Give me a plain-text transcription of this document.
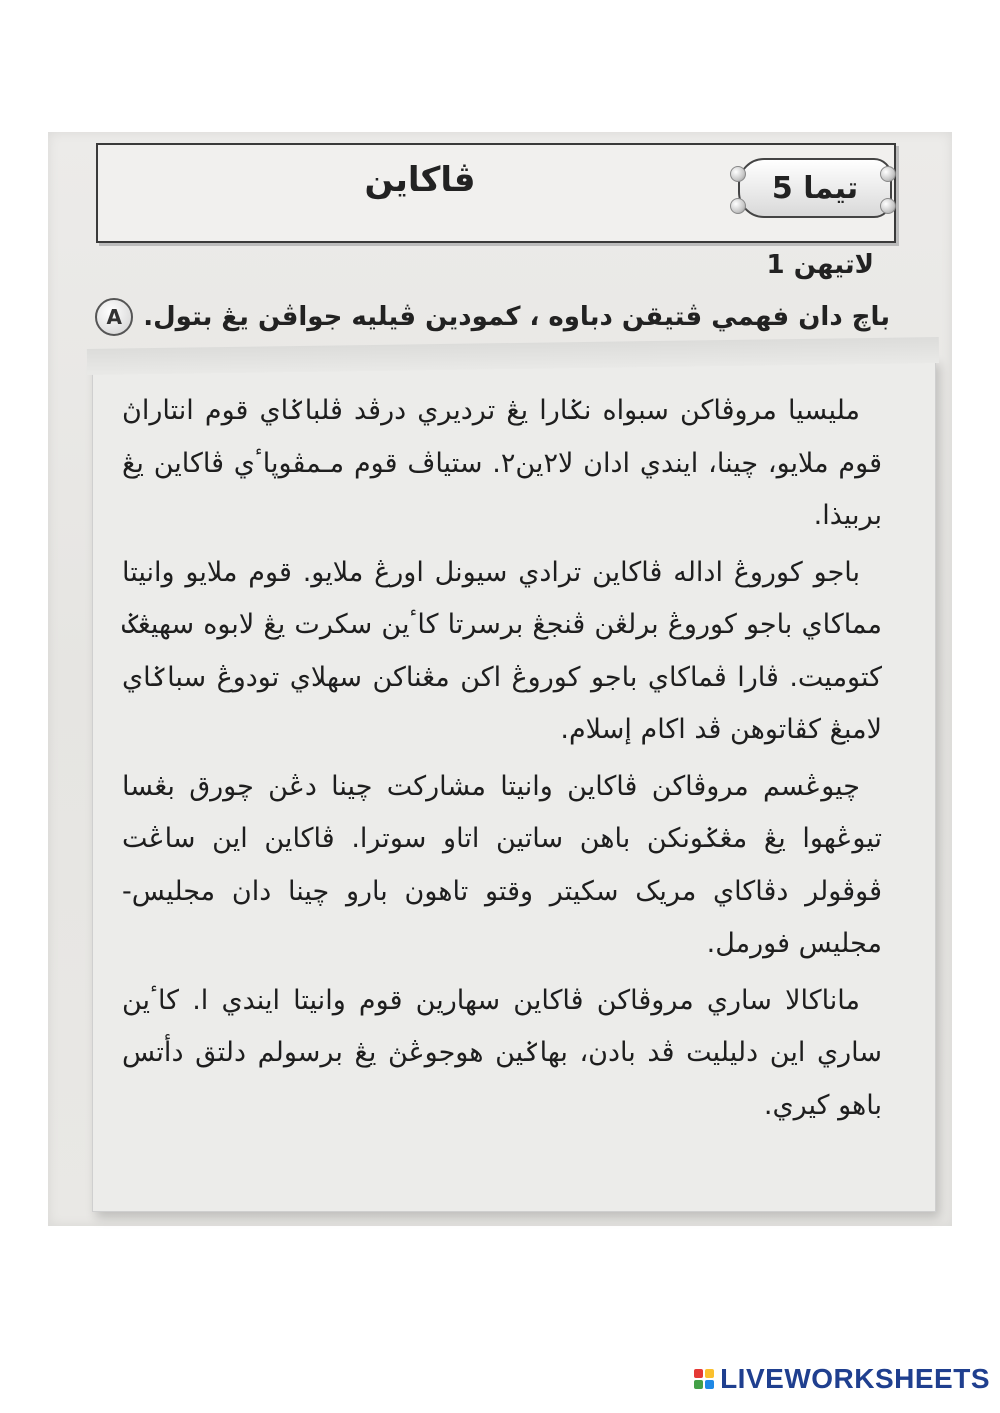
ڤاكاين	تيما 5
لاتيهن 1
A باچ دان فهمي ڤتيقن دباوه ، كمودين ڤيليه جواڤن يڠ بتول.

مليسيا مروڤاكن سبواه نݢارا يڠ ترديري درڤد ڤلباݢاي قوم انتاراڽ قوم ملايو، چينا، ايندي ادان لا٢ين٢. ستياڤ قوم مـمڤوڽاٴي ڤاكاين يڠ بربيذا.

باجو كوروڠ اداله ڤاكاين ترادي سيونل اورڠ ملايو. قوم ملايو وانيتا مماكاي باجو كوروڠ برلڠن ڤنجڠ برسرتا كاٴين سكرت يڠ لابوه سهيڠݢ كتوميت. ڤارا ڤماكاي باجو كوروڠ اكن مڠناكن سهلاي تودوڠ سباݢاي لامبڠ كڤاتوهن ڤد اكام إسلام.

چيوڠسم مروڤاكن ڤاكاين وانيتا مشاركت چينا دڠن چورق بڠسا تيوڠهوا يڠ مڠݢونكن باهن ساتين اتاو سوترا. ڤاكاين اين ساڠت ڤوڤولر دڤاكاي مريک سکيتر وقتو تاهون بارو چينا دان مجليس- مجليس فورمل.

ماناكالا ساري مروڤاكن ڤاكاين سهارين قوم وانيتا ايندي ا. كاٴين ساري اين دليليت ڤد بادن، بهاݢين هوجوڠڽ يڠ برسولم دلتق دأتس باهو كيري.

LIVEWORKSHEETS
